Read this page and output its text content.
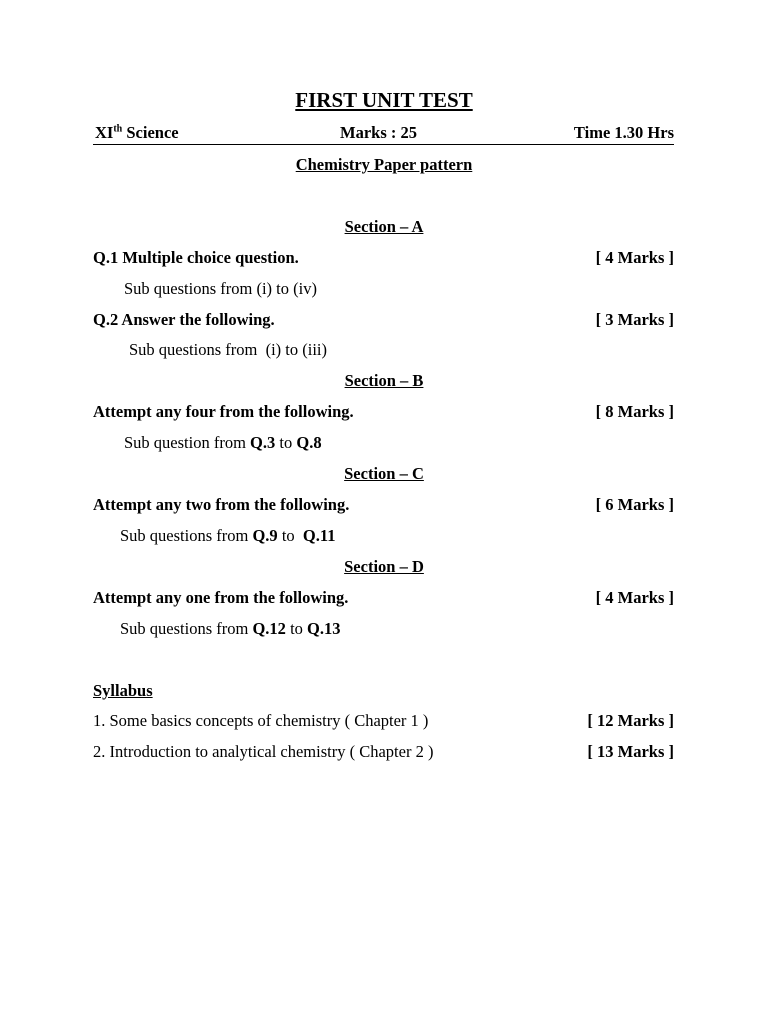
FIRST UNIT TEST
XIth Science	Marks : 25	Time 1.30 Hrs
Chemistry Paper pattern
Section – A
Q.1 Multiple choice question.	[ 4 Marks ]
Sub questions from (i) to (iv)
Q.2 Answer the following.	[ 3 Marks ]
Sub questions from  (i) to (iii)
Section – B
Attempt any four from the following.	[ 8 Marks ]
Sub question from Q.3 to Q.8
Section – C
Attempt any two from the following.	[ 6 Marks ]
Sub questions from Q.9 to  Q.11
Section – D
Attempt any one from the following.	[ 4 Marks ]
Sub questions from Q.12 to Q.13
Syllabus
1. Some basics concepts of chemistry ( Chapter 1 )	[ 12 Marks ]
2. Introduction to analytical chemistry ( Chapter 2 )	[ 13 Marks ]
